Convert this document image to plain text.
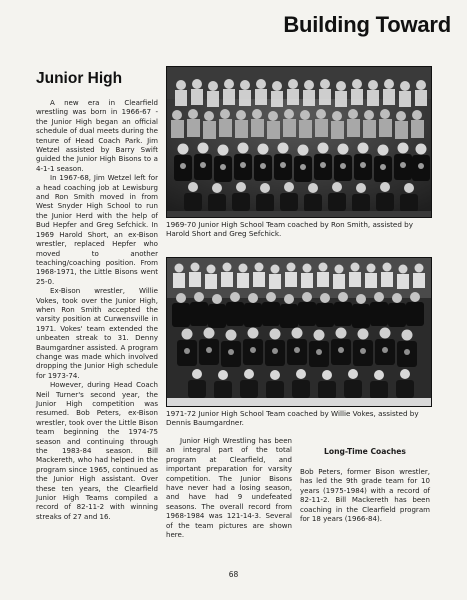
Building Toward
Junior High

A new era in Clearfield wrestling was born in 1966-67 - the Junior High began an official schedule of dual meets during the tenure of Head Coach Park. Jim Wetzel assisted by Barry Swift guided the Junior High Bisons to a 4-1-1 season.

In 1967-68, Jim Wetzel left for a head coaching job at Lewisburg and Ron Smith moved in from West Snyder High School to run the Junior Herd with the help of Bud Hepfer and Greg Sefchick. In 1969 Harold Short, an ex-Bison wrestler, replaced Hepfer who moved to another teaching/coaching position. From 1968-1971, the Little Bisons went 25-0.

Ex-Bison wrestler, Willie Vokes, took over the Junior High, when Ron Smith accepted the varsity position at Curwensville in 1971. Vokes' team extended the unbeaten streak to 31. Denny Baumgardner assisted. A program change was made which involved dropping the Junior High schedule for 1973-74.

However, during Head Coach Neil Turner's second year, the Junior High competition was resumed. Bob Peters, ex-Bison wrestler, took over the Little Bison team beginning the 1974-75 season and continuing through the 1983-84 season. Bill Mackereth, who had helped in the program since 1965, continued as the Junior High assistant. Over these ten years, the Clearfield Junior High Teams compiled a record of 82-11-2 with winning streaks of 27 and 16.

1969-70 Junior High School Team coached by Ron Smith, assisted by Harold Short and Greg Sefchick.
1971-72 Junior High School Team coached by Willie Vokes, assisted by Dennis Baumgardner.

Junior High Wrestling has been an integral part of the total program at Clearfield, and important preparation for varsity competition. The Junior Bisons have never had a losing season, and have had 9 undefeated seasons. The overall record from 1968-1984 was 121-14-3. Several of the team pictures are shown here.

Long-Time Coaches

Bob Peters, former Bison wrestler, has led the 9th grade team for 10 years (1975-1984) with a record of 82-11-2. Bill Mackereth has been coaching in the Clearfield program for 18 years (1966-84).

68
